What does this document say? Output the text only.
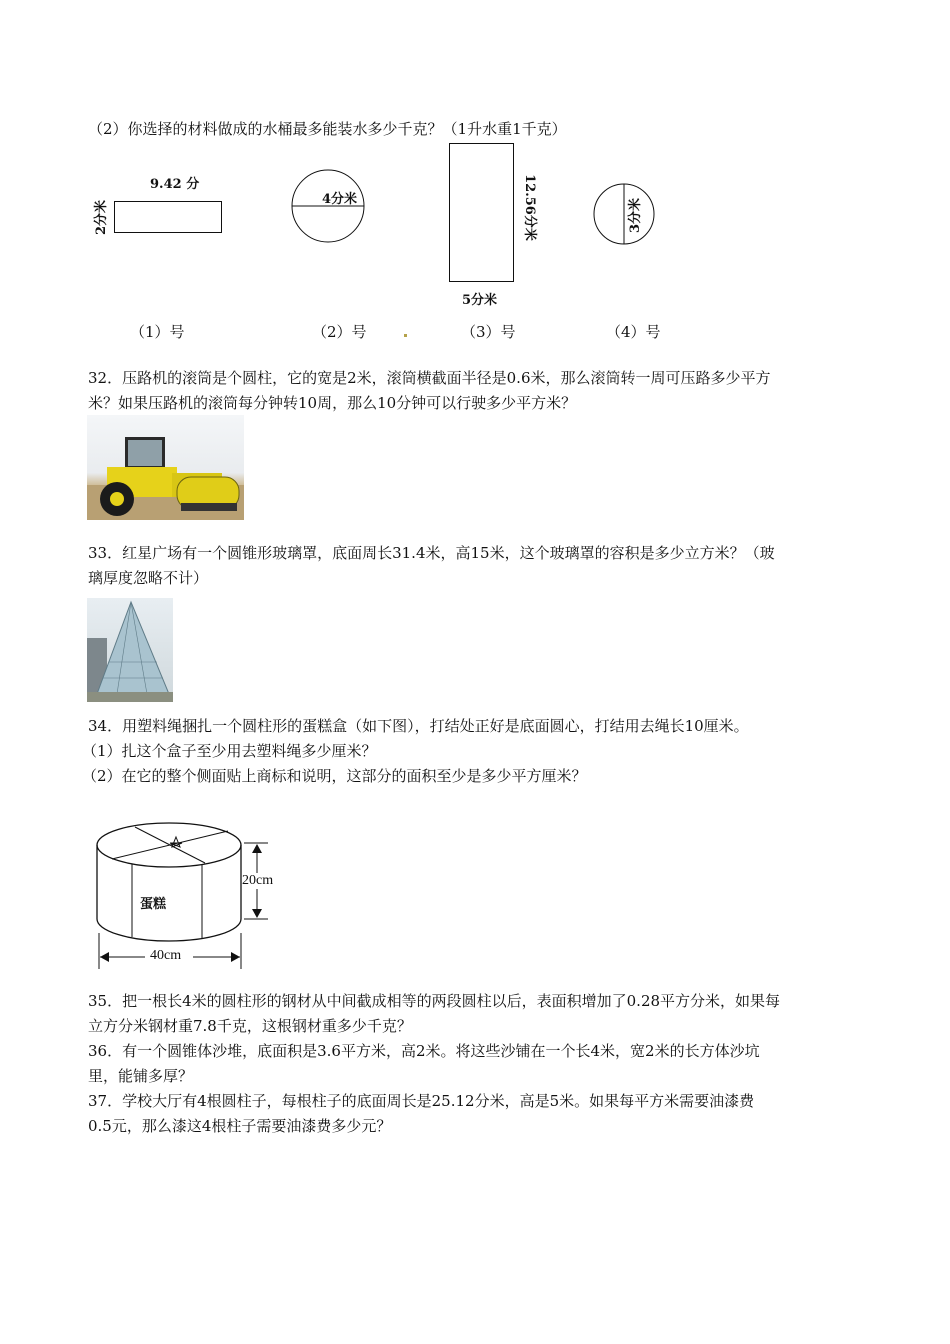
（2）你选择的材料做成的水桶最多能装水多少千克？（1升水重1千克）
9.42 分
2分米
4分米	12.56分米
5分米
3分米
（1）号	（2）号	（3）号	（4）号
32．压路机的滚筒是个圆柱，它的宽是2米，滚筒横截面半径是0.6米，那么滚筒转一周可压路多少平方
米？如果压路机的滚筒每分钟转10周，那么10分钟可以行驶多少平方米？
33．红星广场有一个圆锥形玻璃罩，底面周长31.4米，高15米，这个玻璃罩的容积是多少立方米？（玻
璃厚度忽略不计）
34．用塑料绳捆扎一个圆柱形的蛋糕盒（如下图），打结处正好是底面圆心，打结用去绳长10厘米。
（1）扎这个盒子至少用去塑料绳多少厘米？
（2）在它的整个侧面贴上商标和说明，这部分的面积至少是多少平方厘米？
蛋糕
20cm
40cm
35．把一根长4米的圆柱形的钢材从中间截成相等的两段圆柱以后，表面积增加了0.28平方分米，如果每
立方分米钢材重7.8千克，这根钢材重多少千克？
36．有一个圆锥体沙堆，底面积是3.6平方米，高2米。将这些沙铺在一个长4米，宽2米的长方体沙坑
里，能铺多厚？
37．学校大厅有4根圆柱子，每根柱子的底面周长是25.12分米，高是5米。如果每平方米需要油漆费
0.5元，那么漆这4根柱子需要油漆费多少元？
